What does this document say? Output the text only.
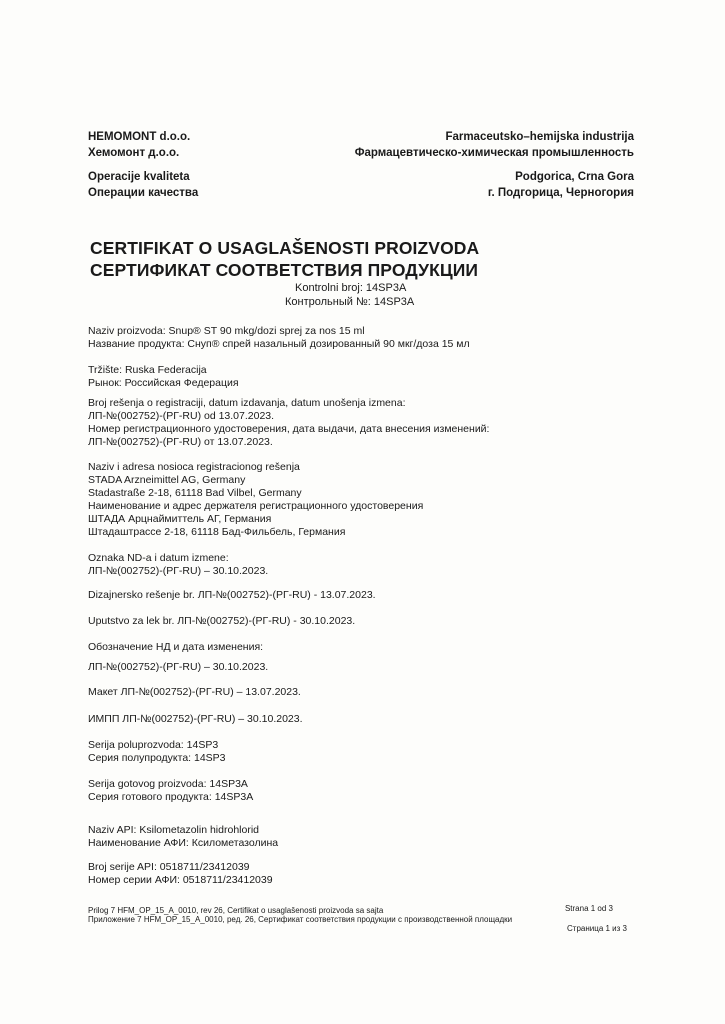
HEMOMONT d.o.o.
Хемомонт д.о.о.
Operacije kvaliteta
Операции качества
Farmaceutsko–hemijska industrija
Фармацевтическо-химическая промышленность
Podgorica, Crna Gora
г. Подгорица, Черногория
CERTIFIKAT O USAGLAŠENOSTI PROIZVODA
СЕРТИФИКАТ СООТВЕТСТВИЯ ПРОДУКЦИИ
Kontrolni broj: 14SP3A
Контрольный №: 14SP3A
Naziv proizvoda: Snup® ST 90 mkg/dozi sprej za nos 15 ml
Название продукта: Снуп® спрей назальный дозированный 90 мкг/доза 15 мл
Tržište: Ruska Federacija
Рынок: Российская Федерация
Broj rešenja o registraciji, datum izdavanja, datum unošenja izmena:
ЛП-№(002752)-(РГ-RU) od 13.07.2023.
Номер регистрационного удостоверения, дата выдачи, дата внесения изменений:
ЛП-№(002752)-(РГ-RU) от 13.07.2023.
Naziv i adresa nosioca registracionog rešenja
STADA Arzneimittel AG, Germany
Stadastraße 2-18, 61118 Bad Vilbel, Germany
Наименование и адрес держателя регистрационного удостоверения
ШТАДА Арцнаймиттель АГ, Германия
Штадаштрассе 2-18, 61118 Бад-Фильбель, Германия
Oznaka ND-a i datum izmene:
ЛП-№(002752)-(РГ-RU) – 30.10.2023.
Dizajnersko rešenje br. ЛП-№(002752)-(РГ-RU) - 13.07.2023.
Uputstvo za lek br. ЛП-№(002752)-(РГ-RU) - 30.10.2023.
Обозначение НД и дата изменения:
ЛП-№(002752)-(РГ-RU) – 30.10.2023.
Макет ЛП-№(002752)-(РГ-RU) – 13.07.2023.
ИМПП ЛП-№(002752)-(РГ-RU) – 30.10.2023.
Serija poluprozvoda: 14SP3
Серия полупродукта: 14SP3
Serija gotovog proizvoda: 14SP3A
Серия готового продукта: 14SP3A
Naziv API: Ksilometazolin hidrohlorid
Наименование АФИ: Ксилометазолина
Broj serije API: 0518711/23412039
Номер серии АФИ: 0518711/23412039
Prilog 7 HFM_OP_15_A_0010, rev 26, Certifikat o usaglašenosti proizvoda sa sajta	Strana 1 od 3
Приложение 7 HFM_OP_15_A_0010, ред. 26, Сертификат соответствия продукции с производственной площадки
Страница 1 из 3
